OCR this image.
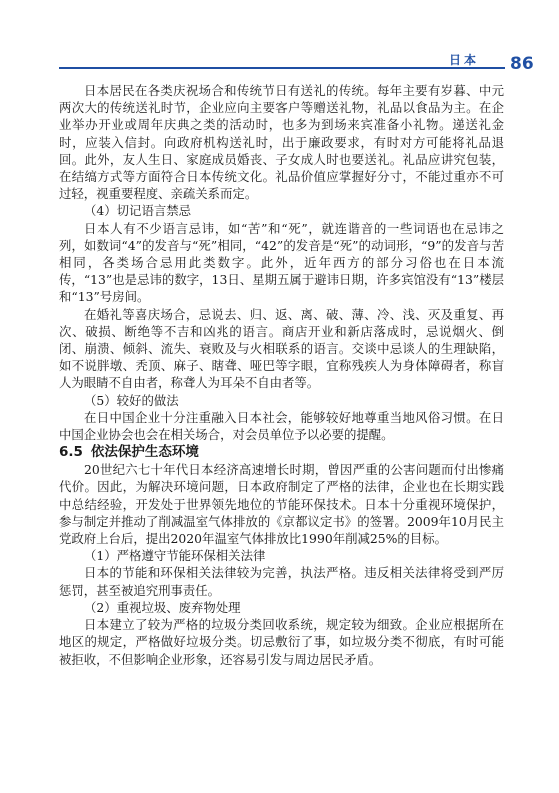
日本 86

日本居民在各类庆祝场合和传统节日有送礼的传统。每年主要有岁暮、中元两次大的传统送礼时节，企业应向主要客户等赠送礼物，礼品以食品为主。在企业举办开业或周年庆典之类的活动时，也多为到场来宾准备小礼物。递送礼金时，应装入信封。向政府机构送礼时，出于廉政要求，有时对方可能将礼品退回。此外，友人生日、家庭成员婚丧、子女成人时也要送礼。礼品应讲究包装，在结缟方式等方面符合日本传统文化。礼品价值应掌握好分寸，不能过重亦不可过轻，视重要程度、亲疏关系而定。

（4）切记语言禁忌

日本人有不少语言忌讳，如“苦”和“死”，就连谐音的一些词语也在忌讳之列，如数词“4”的发音与“死”相同，“42”的发音是“死”的动词形，“9”的发音与苦相同，各类场合忌用此类数字。此外，近年西方的部分习俗也在日本流传，“13”也是忌讳的数字，13日、星期五属于避讳日期，许多宾馆没有“13”楼层和“13”号房间。

在婚礼等喜庆场合，忌说去、归、返、离、破、薄、冷、浅、灭及重复、再次、破损、断绝等不吉和凶兆的语言。商店开业和新店落成时，忌说烟火、倒闭、崩溃、倾斜、流失、衰败及与火相联系的语言。交谈中忌谈人的生理缺陷，如不说胖墩、秃顶、麻子、瞎聋、哑巴等字眼，宜称残疾人为身体障碍者，称盲人为眼睛不自由者，称聋人为耳朵不自由者等。

（5）较好的做法

在日中国企业十分注重融入日本社会，能够较好地尊重当地风俗习惯。在日中国企业协会也会在相关场合，对会员单位予以必要的提醒。

6.5 依法保护生态环境

20世纪六七十年代日本经济高速增长时期，曾因严重的公害问题而付出惨痛代价。因此，为解决环境问题，日本政府制定了严格的法律，企业也在长期实践中总结经验，开发处于世界领先地位的节能环保技术。日本十分重视环境保护，参与制定并推动了削减温室气体排放的《京都议定书》的签署。2009年10月民主党政府上台后，提出2020年温室气体排放比1990年削减25%的目标。

（1）严格遵守节能环保相关法律

日本的节能和环保相关法律较为完善，执法严格。违反相关法律将受到严厉惩罚，甚至被追究刑事责任。

（2）重视垃圾、废弃物处理

日本建立了较为严格的垃圾分类回收系统，规定较为细致。企业应根据所在地区的规定，严格做好垃圾分类。切忌敷衍了事，如垃圾分类不彻底，有时可能被拒收，不但影响企业形象，还容易引发与周边居民矛盾。
